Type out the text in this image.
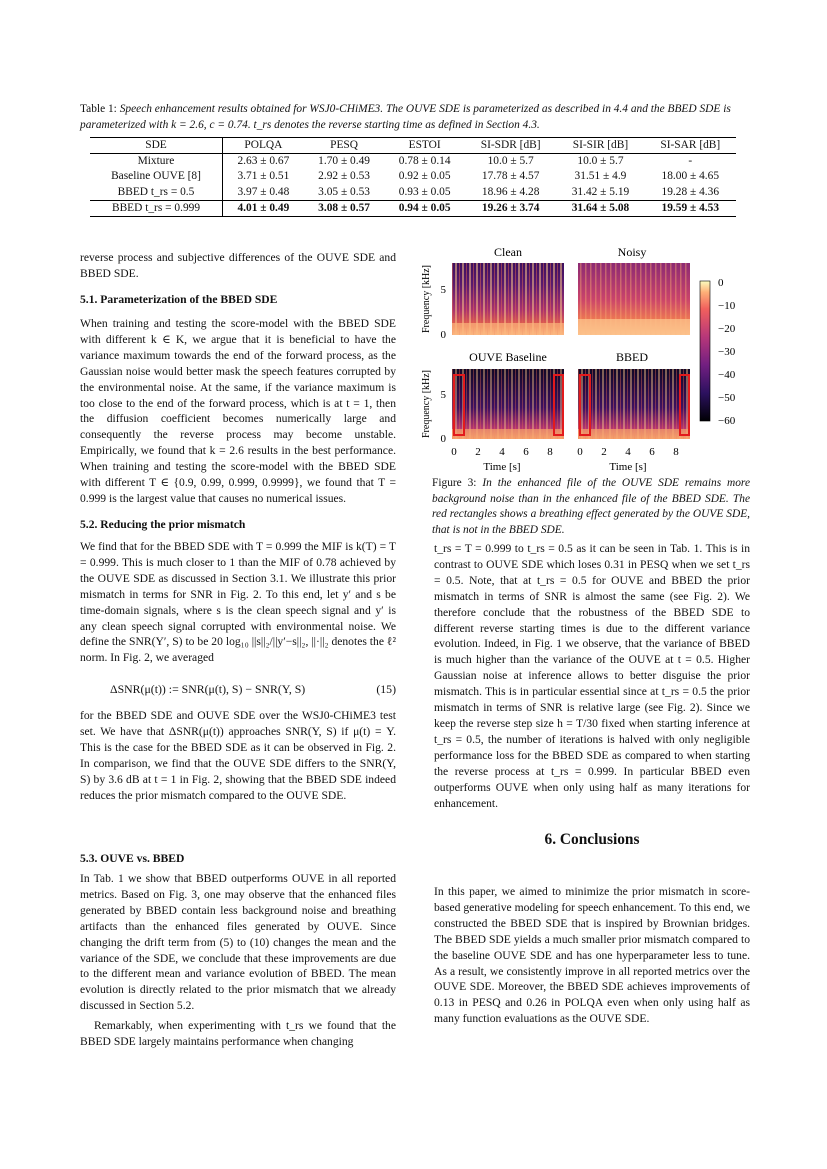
Table 1: Speech enhancement results obtained for WSJ0-CHiME3. The OUVE SDE is parameterized as described in 4.4 and the BBED SDE is parameterized with k = 2.6, c = 0.74. t_rs denotes the reverse starting time as defined in Section 4.3.
SDE	POLQA	PESQ	ESTOI	SI-SDR [dB]	SI-SIR [dB]	SI-SAR [dB]
Mixture	2.63 ± 0.67	1.70 ± 0.49	0.78 ± 0.14	10.0 ± 5.7	10.0 ± 5.7	-
Baseline OUVE [8]	3.71 ± 0.51	2.92 ± 0.53	0.92 ± 0.05	17.78 ± 4.57	31.51 ± 4.9	18.00 ± 4.65
BBED t_rs = 0.5	3.97 ± 0.48	3.05 ± 0.53	0.93 ± 0.05	18.96 ± 4.28	31.42 ± 5.19	19.28 ± 4.36
BBED t_rs = 0.999	4.01 ± 0.49	3.08 ± 0.57	0.94 ± 0.05	19.26 ± 3.74	31.64 ± 5.08	19.59 ± 4.53

reverse process and subjective differences of the OUVE SDE and BBED SDE.

5.1. Parameterization of the BBED SDE

When training and testing the score-model with the BBED SDE with different k ∈ K, we argue that it is beneficial to have the variance maximum towards the end of the forward process, as the Gaussian noise would better mask the speech features corrupted by the environmental noise. At the same, if the variance maximum is too close to the end of the forward process, which is at t = 1, then the diffusion coefficient becomes numerically large and consequently the reverse process may become unstable. Empirically, we found that k = 2.6 results in the best performance. When training and testing the score-model with the BBED SDE with different T ∈ {0.9, 0.99, 0.999, 0.9999}, we found that T = 0.999 is the largest value that causes no numerical issues.

5.2. Reducing the prior mismatch

We find that for the BBED SDE with T = 0.999 the MIF is k(T) = T = 0.999. This is much closer to 1 than the MIF of 0.78 achieved by the OUVE SDE as discussed in Section 3.1. We illustrate this prior mismatch in terms for SNR in Fig. 2. To this end, let y′ and s be time-domain signals, where s is the clean speech signal and y′ is any clean speech signal corrupted with environmental noise. We define the SNR(Y′, S) to be 20 log₁₀ ||s||₂/||y′−s||₂, ||·||₂ denotes the ℓ² norm. In Fig. 2, we averaged

ΔSNR(μ(t)) := SNR(μ(t), S) − SNR(Y, S)	(15)

for the BBED SDE and OUVE SDE over the WSJ0-CHiME3 test set. We have that ΔSNR(μ(t)) approaches SNR(Y, S) if μ(t) = Y. This is the case for the BBED SDE as it can be observed in Fig. 2. In comparison, we find that the OUVE SDE differs to the SNR(Y, S) by 3.6 dB at t = 1 in Fig. 2, showing that the BBED SDE indeed reduces the prior mismatch compared to the OUVE SDE.

5.3. OUVE vs. BBED

In Tab. 1 we show that BBED outperforms OUVE in all reported metrics. Based on Fig. 3, one may observe that the enhanced files generated by BBED contain less background noise and breathing artifacts than the enhanced files generated by OUVE. Since changing the drift term from (5) to (10) changes the mean and the variance of the SDE, we conclude that these improvements are due to the different mean and variance evolution of BBED. The mean evolution is directly related to the prior mismatch that we already discussed in Section 5.2.

Remarkably, when experimenting with t_rs we found that the BBED SDE largely maintains performance when changing

Clean	Noisy
OUVE Baseline	BBED
Frequency [kHz]
Frequency [kHz]
5
0
5
0
0 2 4 6 8 0 2 4 6 8
Time [s]	Time [s]
0
−10
−20
−30
−40
−50
−60
Figure 3: In the enhanced file of the OUVE SDE remains more background noise than in the enhanced file of the BBED SDE. The red rectangles shows a breathing effect generated by the OUVE SDE, that is not in the BBED SDE.

t_rs = T = 0.999 to t_rs = 0.5 as it can be seen in Tab. 1. This is in contrast to OUVE SDE which loses 0.31 in PESQ when we set t_rs = 0.5. Note, that at t_rs = 0.5 for OUVE and BBED the prior mismatch in terms of SNR is almost the same (see Fig. 2). We therefore conclude that the robustness of the BBED SDE to different reverse starting times is due to the different variance evolution. Indeed, in Fig. 1 we observe, that the variance of BBED is much higher than the variance of the OUVE at t = 0.5. Higher Gaussian noise at inference allows to better disguise the prior mismatch. This is in particular essential since at t_rs = 0.5 the prior mismatch in terms of SNR is relative large (see Fig. 2). Since we keep the reverse step size h = T/30 fixed when starting inference at t_rs = 0.5, the number of iterations is halved with only negligible performance loss for the BBED SDE as compared to when starting the reverse process at t_rs = 0.999. In particular BBED even outperforms OUVE when only using half as many iterations for enhancement.

6. Conclusions

In this paper, we aimed to minimize the prior mismatch in score-based generative modeling for speech enhancement. To this end, we constructed the BBED SDE that is inspired by Brownian bridges. The BBED SDE yields a much smaller prior mismatch compared to the baseline OUVE SDE and has one hyperparameter less to tune. As a result, we consistently improve in all reported metrics over the OUVE SDE. Moreover, the BBED SDE achieves improvements of 0.13 in PESQ and 0.26 in POLQA even when only using half as many function evaluations as the OUVE SDE.
